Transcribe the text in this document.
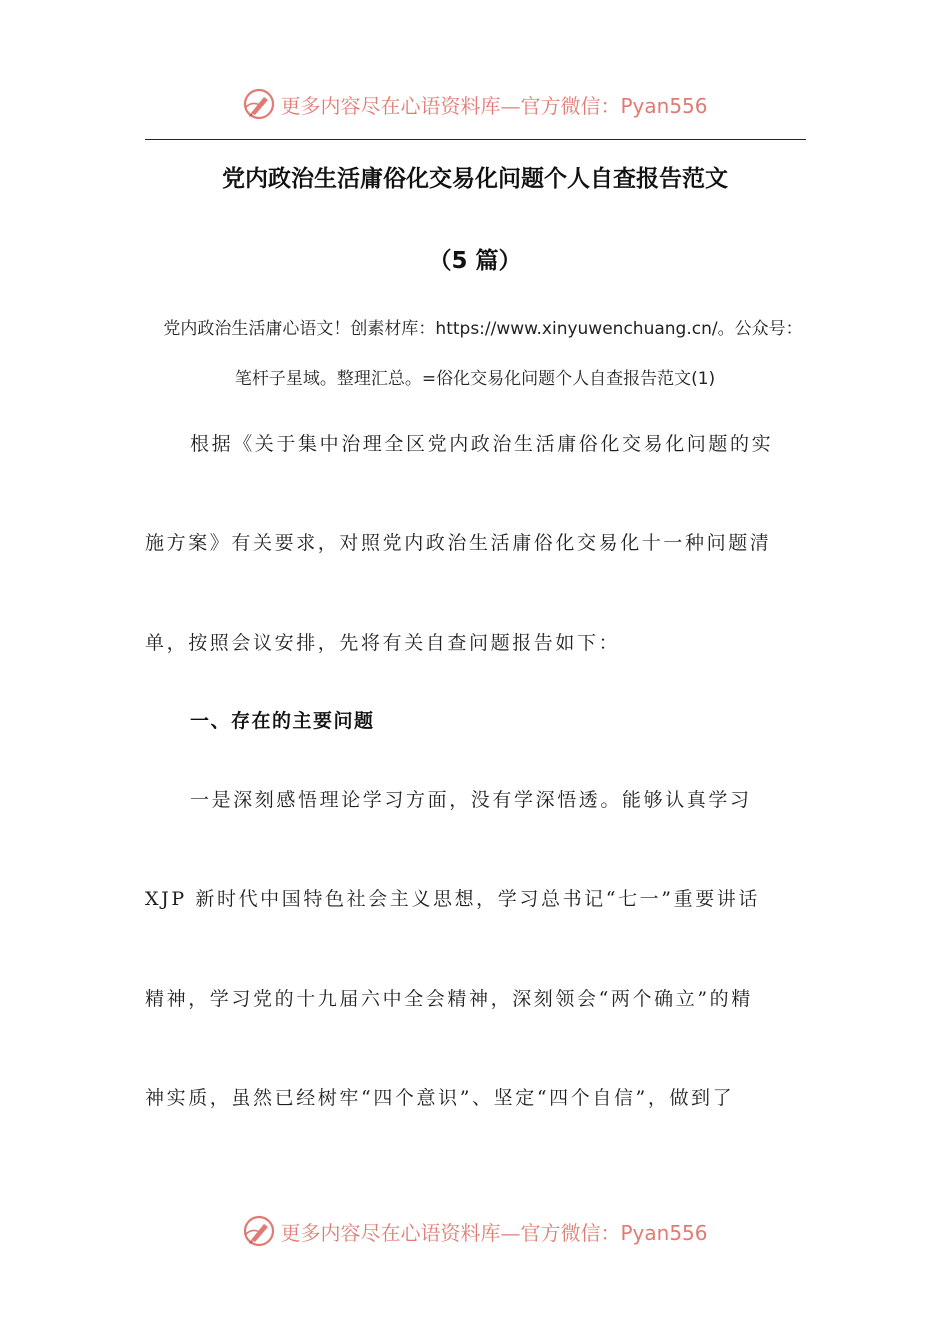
更多内容尽在心语资料库—官方微信：Pyan556
党内政治生活庸俗化交易化问题个人自查报告范文
（5 篇）
党内政治生活庸心语文！创素材库：https://www.xinyuwenchuang.cn/。公众号：
笔杆子星域。整理汇总。=俗化交易化问题个人自查报告范文(1)
根据《关于集中治理全区党内政治生活庸俗化交易化问题的实
施方案》有关要求，对照党内政治生活庸俗化交易化十一种问题清
单，按照会议安排，先将有关自查问题报告如下：
一、存在的主要问题
一是深刻感悟理论学习方面，没有学深悟透。能够认真学习
XJP 新时代中国特色社会主义思想，学习总书记“七一”重要讲话
精神，学习党的十九届六中全会精神，深刻领会“两个确立”的精
神实质，虽然已经树牢“四个意识”、坚定“四个自信”，做到了
更多内容尽在心语资料库—官方微信：Pyan556
